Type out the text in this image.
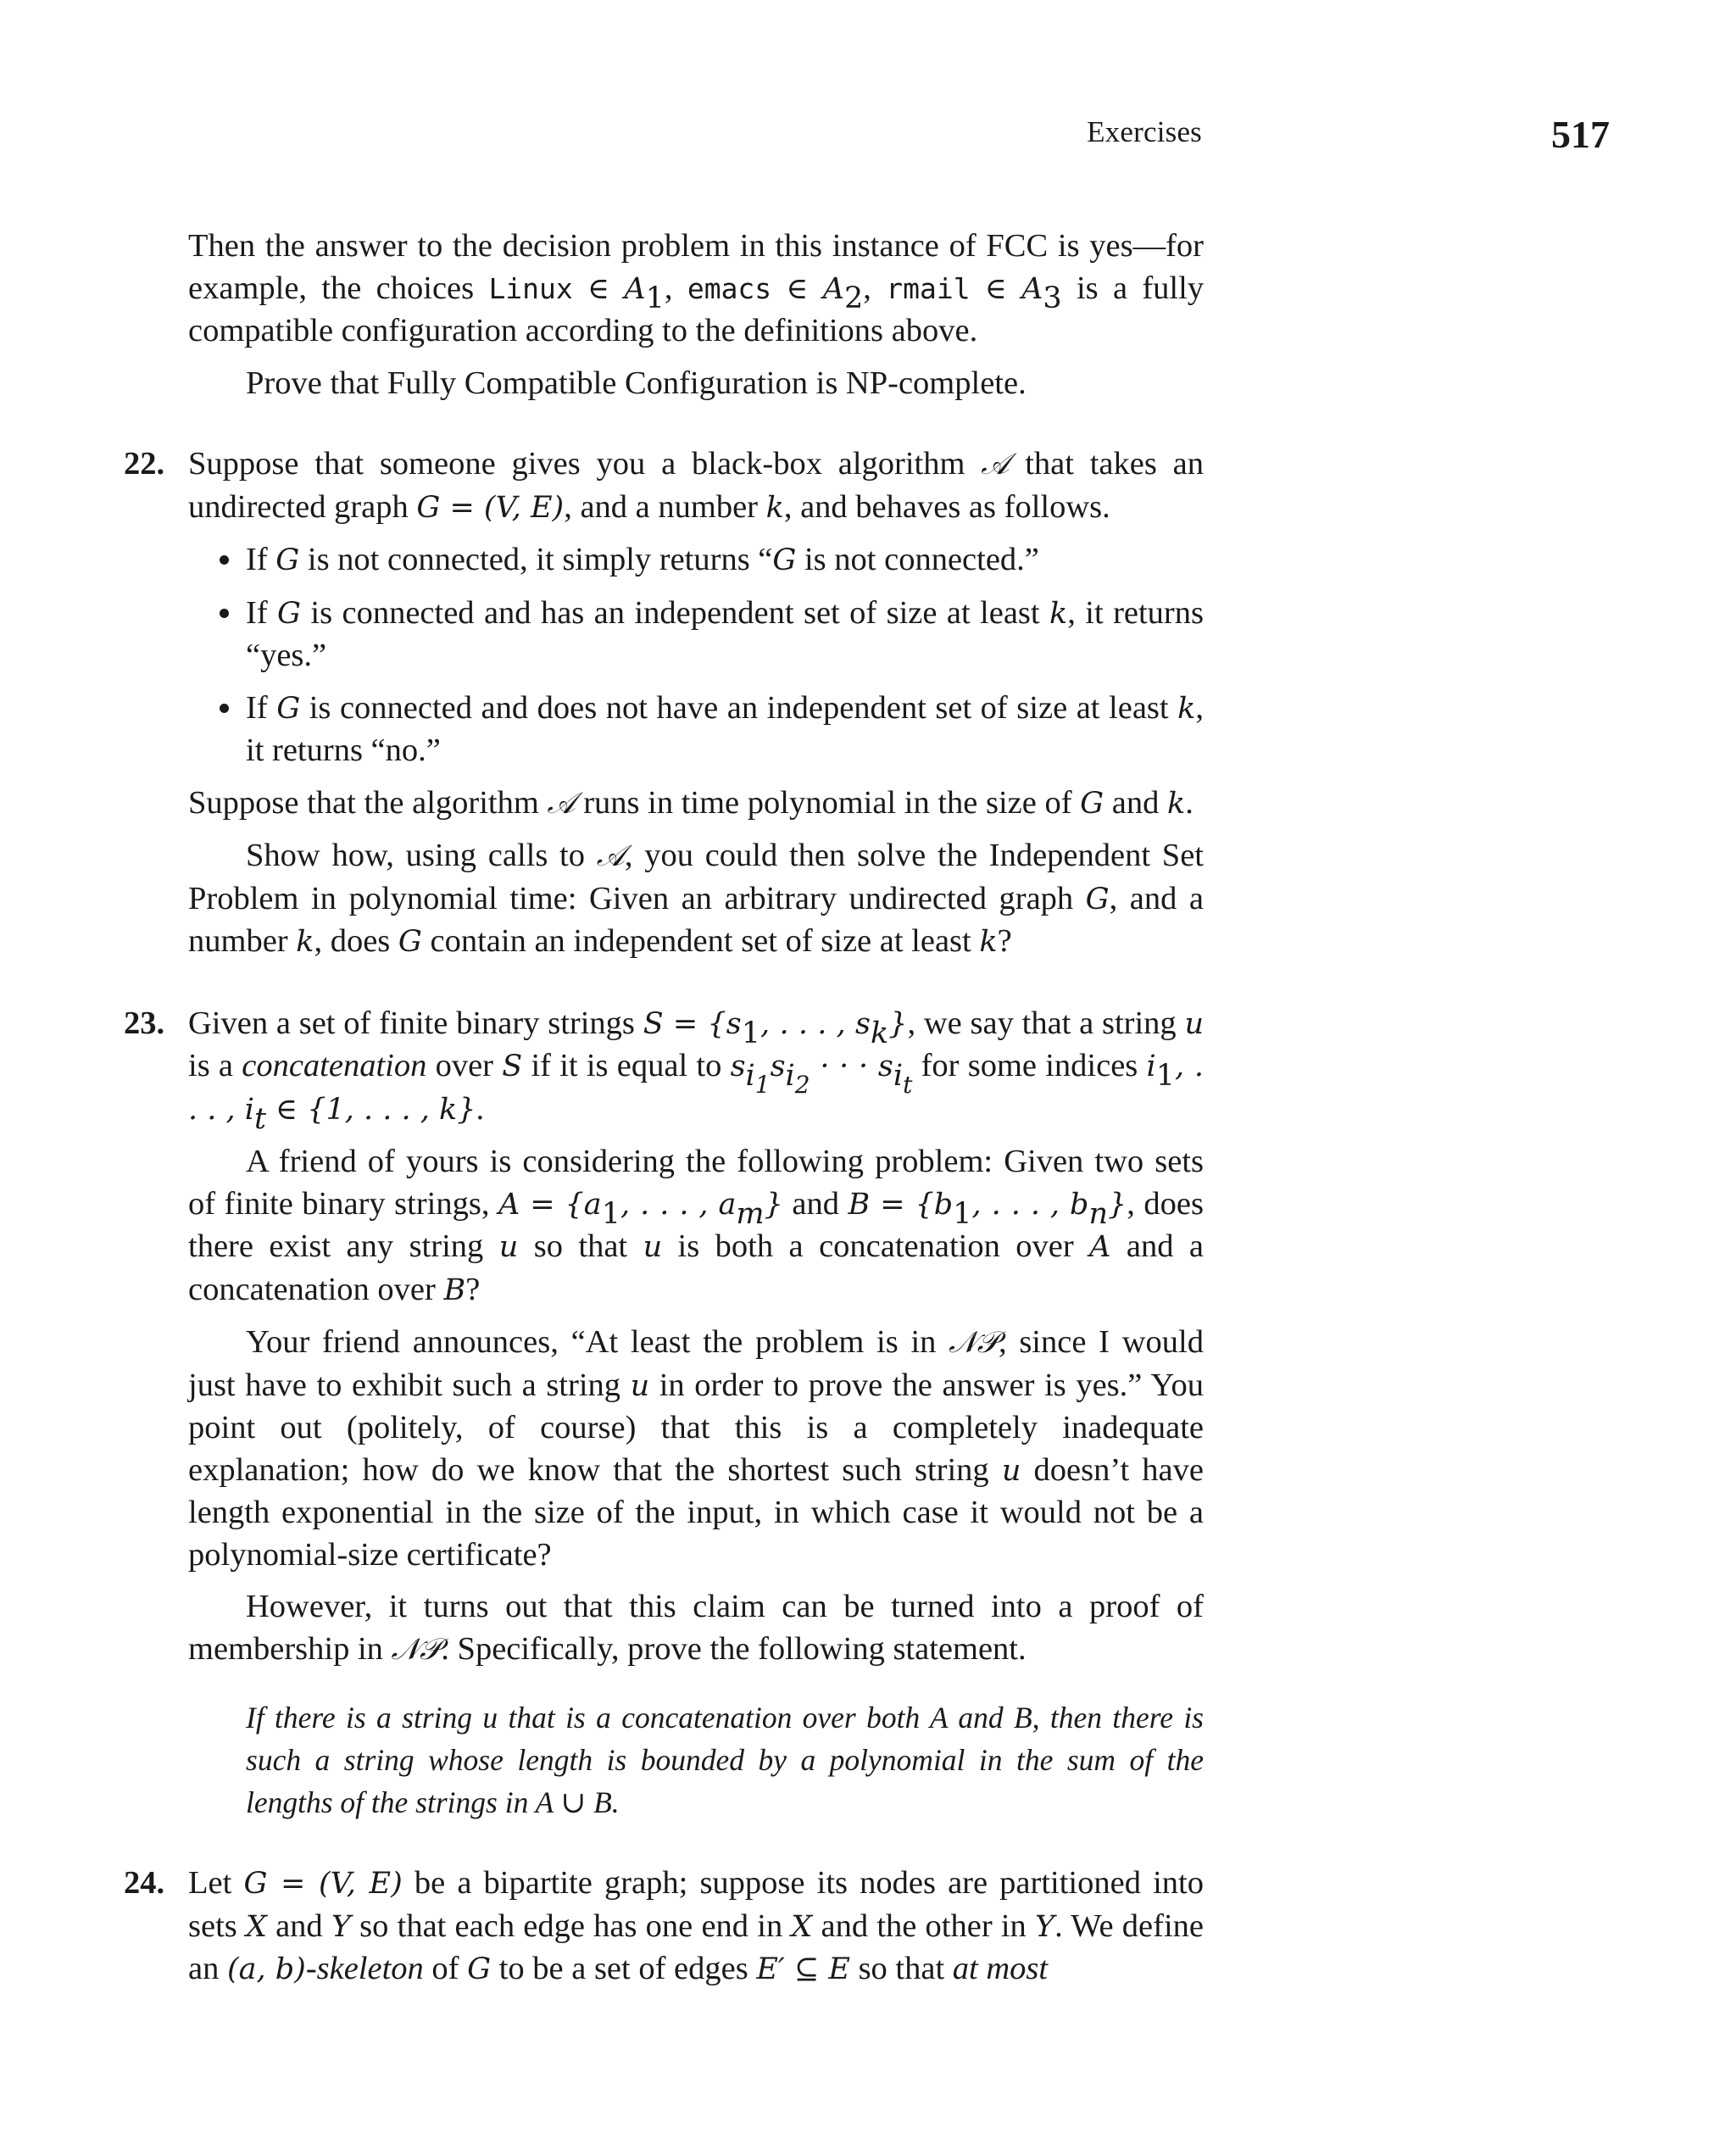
Exercises	517

Then the answer to the decision problem in this instance of FCC is yes—for example, the choices Linux ∈ $A_1$, emacs ∈ $A_2$, rmail ∈ $A_3$ is a fully compatible configuration according to the definitions above.

Prove that Fully Compatible Configuration is NP-complete.

22. Suppose that someone gives you a black-box algorithm 𝒜 that takes an undirected graph G = (V, E), and a number k, and behaves as follows.

If G is not connected, it simply returns “G is not connected.”
If G is connected and has an independent set of size at least k, it returns “yes.”
If G is connected and does not have an independent set of size at least k, it returns “no.”

Suppose that the algorithm 𝒜 runs in time polynomial in the size of G and k.

Show how, using calls to 𝒜, you could then solve the Independent Set Problem in polynomial time: Given an arbitrary undirected graph G, and a number k, does G contain an independent set of size at least k?

23. Given a set of finite binary strings $S = \{s_1$, . . . , $s_k$}, we say that a string u is a concatenation over S if it is equal to $s_{i_1}s_{i_2}$ · · · $s_{i_t}$ for some indices $i_1$, . . . , $i_t$ ∈ {1, . . . , k}.

A friend of yours is considering the following problem: Given two sets of finite binary strings, $A = \{a_1$, . . . , $a_m$} and $B = \{b_1$, . . . , $b_n$}, does there exist any string u so that u is both a concatenation over A and a concatenation over B?

Your friend announces, “At least the problem is in 𝒩𝒫, since I would just have to exhibit such a string u in order to prove the answer is yes.” You point out (politely, of course) that this is a completely inadequate explanation; how do we know that the shortest such string u doesn’t have length exponential in the size of the input, in which case it would not be a polynomial-size certificate?

However, it turns out that this claim can be turned into a proof of membership in 𝒩𝒫. Specifically, prove the following statement.

If there is a string u that is a concatenation over both A and B, then there is such a string whose length is bounded by a polynomial in the sum of the lengths of the strings in A ∪ B.
24. Let G = (V, E) be a bipartite graph; suppose its nodes are partitioned into sets X and Y so that each edge has one end in X and the other in Y. We define an (a, b)-skeleton of G to be a set of edges E′ ⊆ E so that at most
